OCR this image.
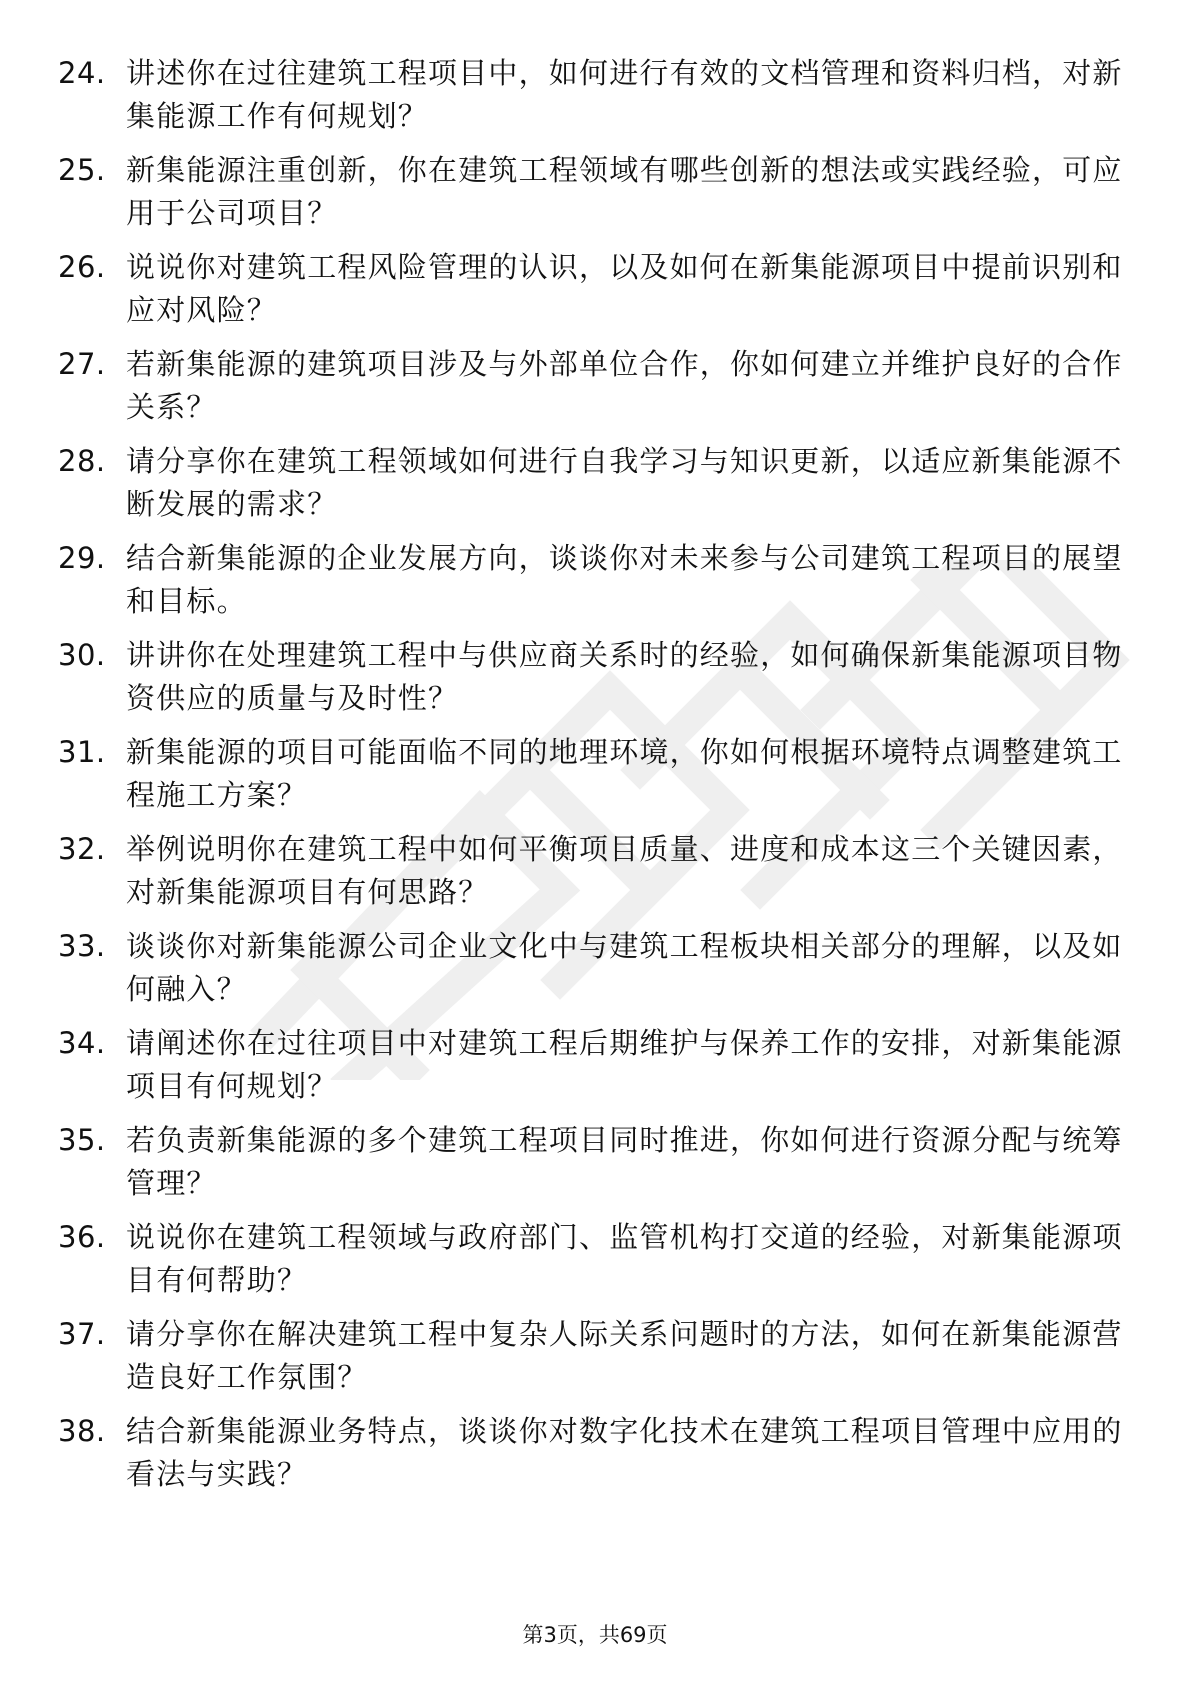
24. 讲述你在过往建筑工程项目中，如何进行有效的文档管理和资料归档，对新集能源工作有何规划？
25. 新集能源注重创新，你在建筑工程领域有哪些创新的想法或实践经验，可应用于公司项目？
26. 说说你对建筑工程风险管理的认识，以及如何在新集能源项目中提前识别和应对风险？
27. 若新集能源的建筑项目涉及与外部单位合作，你如何建立并维护良好的合作关系？
28. 请分享你在建筑工程领域如何进行自我学习与知识更新，以适应新集能源不断发展的需求？
29. 结合新集能源的企业发展方向，谈谈你对未来参与公司建筑工程项目的展望和目标。
30. 讲讲你在处理建筑工程中与供应商关系时的经验，如何确保新集能源项目物资供应的质量与及时性？
31. 新集能源的项目可能面临不同的地理环境，你如何根据环境特点调整建筑工程施工方案？
32. 举例说明你在建筑工程中如何平衡项目质量、进度和成本这三个关键因素，对新集能源项目有何思路？
33. 谈谈你对新集能源公司企业文化中与建筑工程板块相关部分的理解，以及如何融入？
34. 请阐述你在过往项目中对建筑工程后期维护与保养工作的安排，对新集能源项目有何规划？
35. 若负责新集能源的多个建筑工程项目同时推进，你如何进行资源分配与统筹管理？
36. 说说你在建筑工程领域与政府部门、监管机构打交道的经验，对新集能源项目有何帮助？
37. 请分享你在解决建筑工程中复杂人际关系问题时的方法，如何在新集能源营造良好工作氛围？
38. 结合新集能源业务特点，谈谈你对数字化技术在建筑工程项目管理中应用的看法与实践？
第3页，共69页
